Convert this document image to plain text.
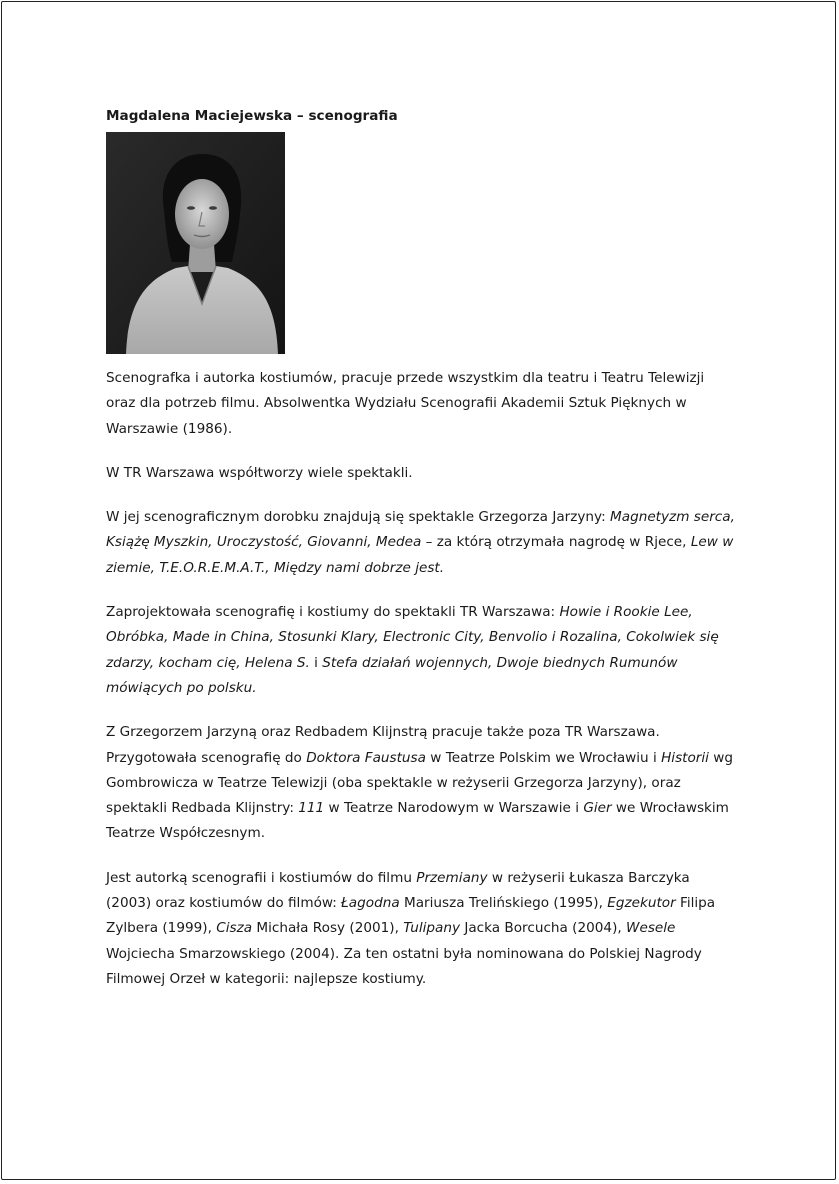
Magdalena Maciejewska – scenografia

Scenografka i autorka kostiumów, pracuje przede wszystkim dla teatru i Teatru Telewizji oraz dla potrzeb filmu. Absolwentka Wydziału Scenografii Akademii Sztuk Pięknych w Warszawie (1986).

W TR Warszawa współtworzy wiele spektakli.

W jej scenograficznym dorobku znajdują się spektakle Grzegorza Jarzyny: Magnetyzm serca, Książę Myszkin, Uroczystość, Giovanni, Medea – za którą otrzymała nagrodę w Rjece, Lew w ziemie, T.E.O.R.E.M.A.T., Między nami dobrze jest.

Zaprojektowała scenografię i kostiumy do spektakli TR Warszawa: Howie i Rookie Lee, Obróbka, Made in China, Stosunki Klary, Electronic City, Benvolio i Rozalina, Cokolwiek się zdarzy, kocham cię, Helena S. i Stefa działań wojennych, Dwoje biednych Rumunów mówiących po polsku.

Z Grzegorzem Jarzyną oraz Redbadem Klijnstrą pracuje także poza TR Warszawa. Przygotowała scenografię do Doktora Faustusa w Teatrze Polskim we Wrocławiu i Historii wg Gombrowicza w Teatrze Telewizji (oba spektakle w reżyserii Grzegorza Jarzyny), oraz spektakli Redbada Klijnstry: 111 w Teatrze Narodowym w Warszawie i Gier we Wrocławskim Teatrze Współczesnym.

Jest autorką scenografii i kostiumów do filmu Przemiany w reżyserii Łukasza Barczyka (2003) oraz kostiumów do filmów: Łagodna Mariusza Trelińskiego (1995), Egzekutor Filipa Zylbera (1999), Cisza Michała Rosy (2001), Tulipany Jacka Borcucha (2004), Wesele Wojciecha Smarzowskiego (2004). Za ten ostatni była nominowana do Polskiej Nagrody Filmowej Orzeł w kategorii: najlepsze kostiumy.
